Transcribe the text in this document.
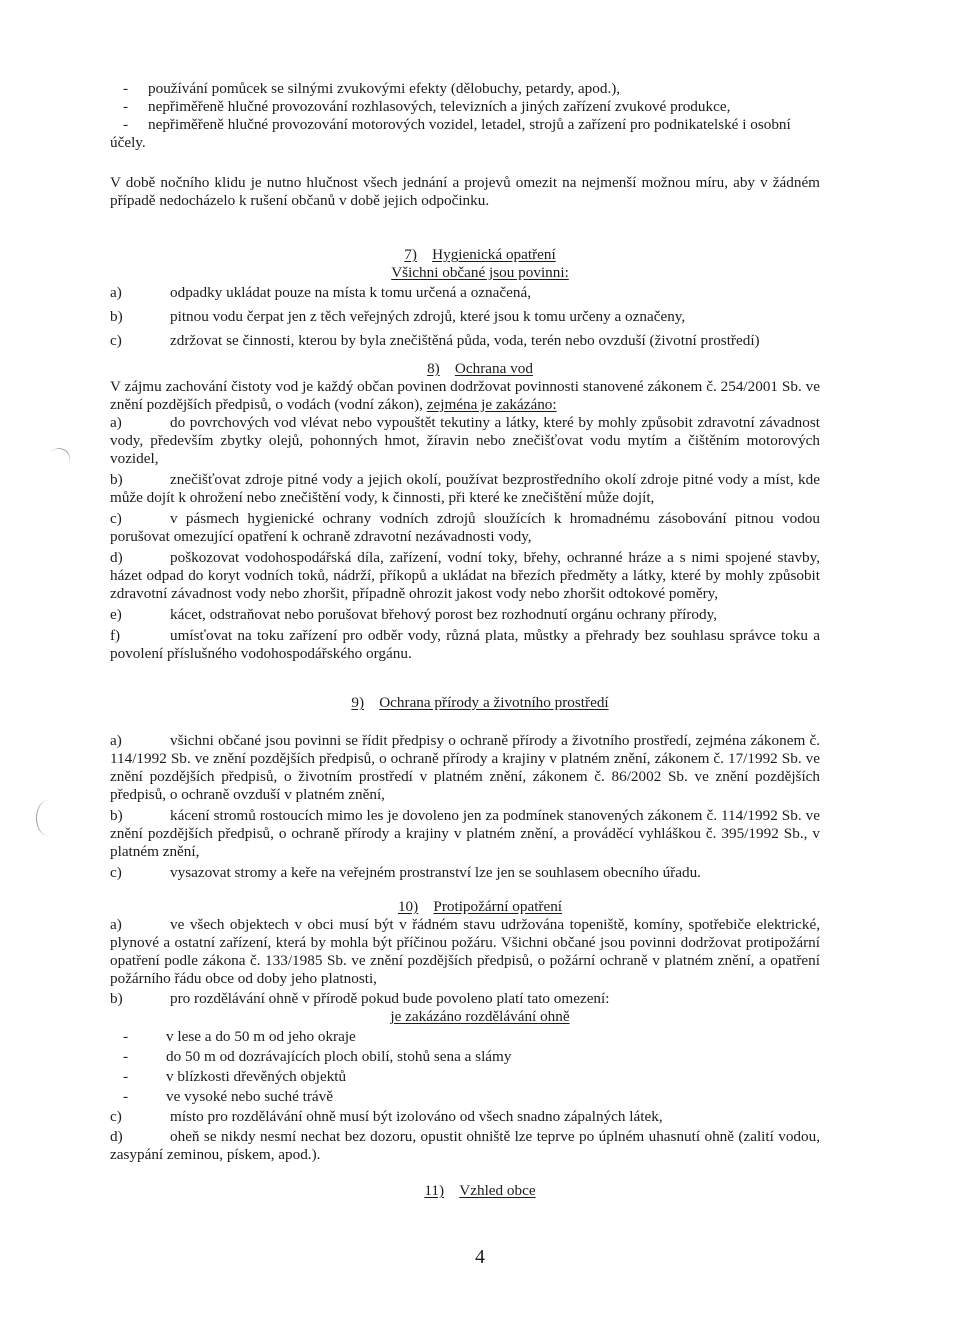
-	používání pomůcek se silnými zvukovými efekty (dělobuchy, petardy, apod.),
-	nepřiměřeně hlučné provozování rozhlasových, televizních a jiných zařízení zvukové produkce,
- nepřiměřeně hlučné provozování motorových vozidel, letadel, strojů a zařízení pro podnikatelské i osobní účely.
V době nočního klidu je nutno hlučnost všech jednání a projevů omezit na nejmenší možnou míru, aby v žádném případě nedocházelo k rušení občanů v době jejich odpočinku.
7) Hygienická opatření
Všichni občané jsou povinni:
a)	odpadky ukládat pouze na místa k tomu určená a označená,
b)	pitnou vodu čerpat jen z těch veřejných zdrojů, které jsou k tomu určeny a označeny,
c)	zdržovat se činnosti, kterou by byla znečištěná půda, voda, terén nebo ovzduší (životní prostředí)
8) Ochrana vod
V zájmu zachování čistoty vod je každý občan povinen dodržovat povinnosti stanovené zákonem č. 254/2001 Sb. ve znění pozdějších předpisů, o vodách (vodní zákon), zejména je zakázáno:
a)	do povrchových vod vlévat nebo vypouštět tekutiny a látky, které by mohly způsobit zdravotní závadnost vody, především zbytky olejů, pohonných hmot, žíravin nebo znečišťovat vodu mytím a čištěním motorových vozidel,
b)	znečišťovat zdroje pitné vody a jejich okolí, používat bezprostředního okolí zdroje pitné vody a míst, kde může dojít k ohrožení nebo znečištění vody, k činnosti, při které ke znečištění může dojít,
c)	v pásmech hygienické ochrany vodních zdrojů sloužících k hromadnému zásobování pitnou vodou porušovat omezující opatření k ochraně zdravotní nezávadnosti vody,
d)	poškozovat vodohospodářská díla, zařízení, vodní toky, břehy, ochranné hráze a s nimi spojené stavby, házet odpad do koryt vodních toků, nádrží, příkopů a ukládat na březích předměty a látky, které by mohly způsobit zdravotní závadnost vody nebo zhoršit, případně ohrozit jakost vody nebo zhoršit odtokové poměry,
e)	kácet, odstraňovat nebo porušovat břehový porost bez rozhodnutí orgánu ochrany přírody,
f)	umísťovat na toku zařízení pro odběr vody, různá plata, můstky a přehrady bez souhlasu správce toku a povolení příslušného vodohospodářského orgánu.
9) Ochrana přírody a životního prostředí
a)	všichni občané jsou povinni se řídit předpisy o ochraně přírody a životního prostředí, zejména zákonem č. 114/1992 Sb. ve znění pozdějších předpisů, o ochraně přírody a krajiny v platném znění, zákonem č. 17/1992 Sb. ve znění pozdějších předpisů, o životním prostředí v platném znění, zákonem č. 86/2002 Sb. ve znění pozdějších předpisů, o ochraně ovzduší v platném znění,
b)	kácení stromů rostoucích mimo les je dovoleno jen za podmínek stanovených zákonem č. 114/1992 Sb. ve znění pozdějších předpisů, o ochraně přírody a krajiny v platném znění, a prováděcí vyhláškou č. 395/1992 Sb., v platném znění,
c)	vysazovat stromy a keře na veřejném prostranství lze jen se souhlasem obecního úřadu.
10) Protipožární opatření
a)	ve všech objektech v obci musí být v řádném stavu udržována topeniště, komíny, spotřebiče elektrické, plynové a ostatní zařízení, která by mohla být příčinou požáru. Všichni občané jsou povinni dodržovat protipožární opatření podle zákona č. 133/1985 Sb. ve znění pozdějších předpisů, o požární ochraně v platném znění, a opatření požárního řádu obce od doby jeho platnosti,
b)	pro rozdělávání ohně v přírodě pokud bude povoleno platí tato omezení:
je zakázáno rozdělávání ohně
-	v lese a do 50 m od jeho okraje
-	do 50 m od dozrávajících ploch obilí, stohů sena a slámy
-	v blízkosti dřevěných objektů
-	ve vysoké nebo suché trávě
c)	místo pro rozdělávání ohně musí být izolováno od všech snadno zápalných látek,
d)	oheň se nikdy nesmí nechat bez dozoru, opustit ohniště lze teprve po úplném uhasnutí ohně (zalití vodou, zasypání zeminou, pískem, apod.).
11) Vzhled obce
4
